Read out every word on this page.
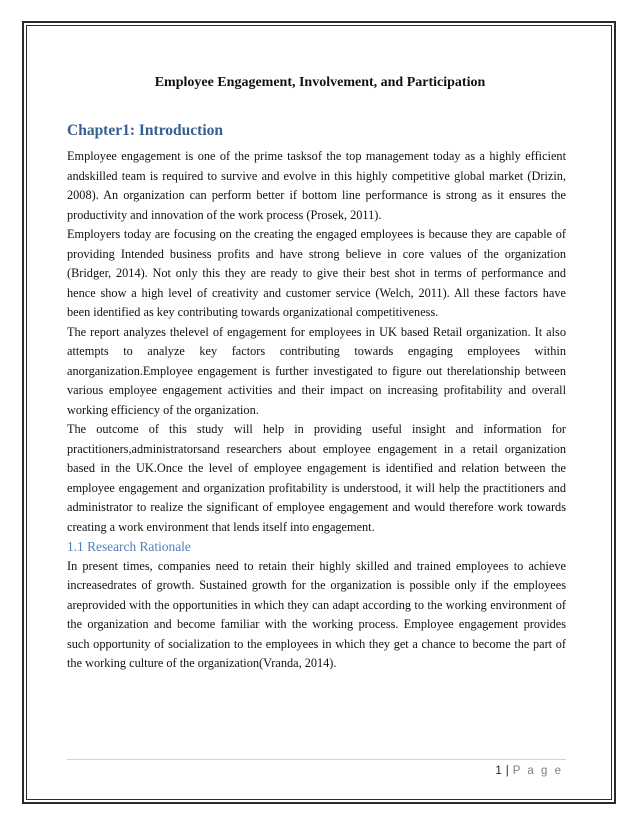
Employee Engagement, Involvement, and Participation
Chapter1: Introduction

Employee engagement is one of the prime tasksof the top management today as a highly efficient andskilled team is required to survive and evolve in this highly competitive global market (Drizin, 2008). An organization can perform better if bottom line performance is strong as it ensures the productivity and innovation of the work process (Prosek, 2011).

Employers today are focusing on the creating the engaged employees is because they are capable of providing Intended business profits and have strong believe in core values of the organization (Bridger, 2014). Not only this they are ready to give their best shot in terms of performance and hence show a high level of creativity and customer service (Welch, 2011). All these factors have been identified as key contributing towards organizational competitiveness.

The report analyzes thelevel of engagement for employees in UK based Retail organization. It also attempts to analyze key factors contributing towards engaging employees within anorganization.Employee engagement is further investigated to figure out therelationship between various employee engagement activities and their impact on increasing profitability and overall working efficiency of the organization.

The outcome of this study will help in providing useful insight and information for practitioners,administratorsand researchers about employee engagement in a retail organization based in the UK.Once the level of employee engagement is identified and relation between the employee engagement and organization profitability is understood, it will help the practitioners and administrator to realize the significant of employee engagement and would therefore work towards creating a work environment that lends itself into engagement.

1.1 Research Rationale

In present times, companies need to retain their highly skilled and trained employees to achieve increasedrates of growth. Sustained growth for the organization is possible only if the employees areprovided with the opportunities in which they can adapt according to the working environment of the organization and become familiar with the working process. Employee engagement provides such opportunity of socialization to the employees in which they get a chance to become the part of the working culture of the organization(Vranda, 2014).

1 | P a g e
